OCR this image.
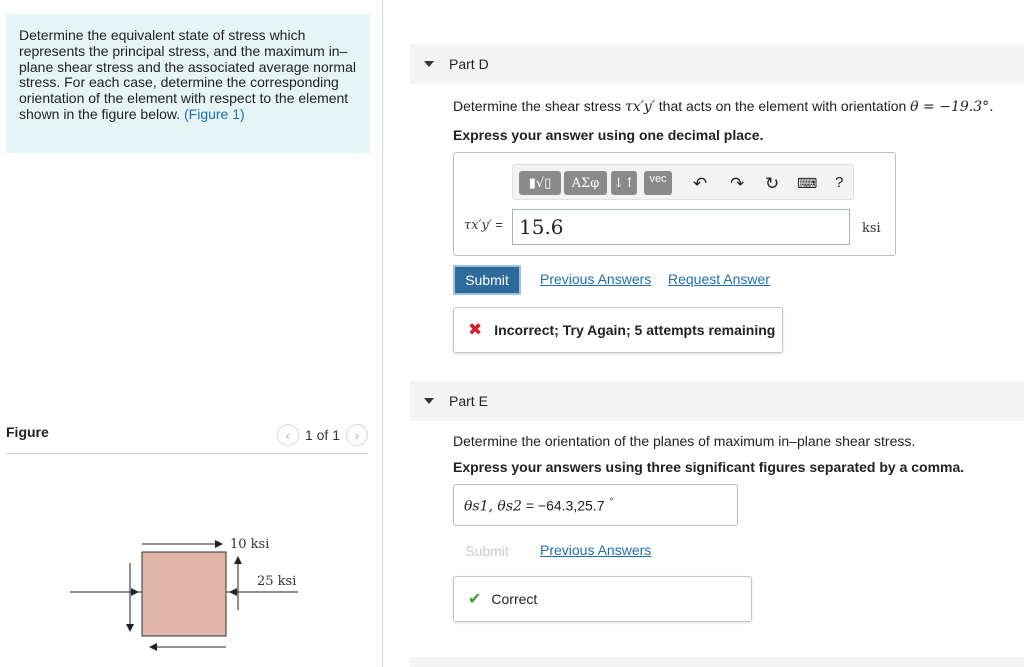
Determine the equivalent state of stress which represents the principal stress, and the maximum in–plane shear stress and the associated average normal stress. For each case, determine the corresponding orientation of the element with respect to the element shown in the figure below. (Figure 1)
Figure	‹	1 of 1	›
10 ksi
25 ksi
Part D
Determine the shear stress τx′y′ that acts on the element with orientation θ = −19.3°.
Express your answer using one decimal place.
▮√▯	ΑΣφ	↓↑	vec	↶ ↷ ↻ ⌨ ?
τx′y′ = 15.6	ksi
Submit	Previous Answers Request Answer
✖ Incorrect; Try Again; 5 attempts remaining
Part E
Determine the orientation of the planes of maximum in–plane shear stress.
Express your answers using three significant figures separated by a comma.
θs1, θs2 = −64.3,25.7 °
Submit	Previous Answers
✔ Correct
